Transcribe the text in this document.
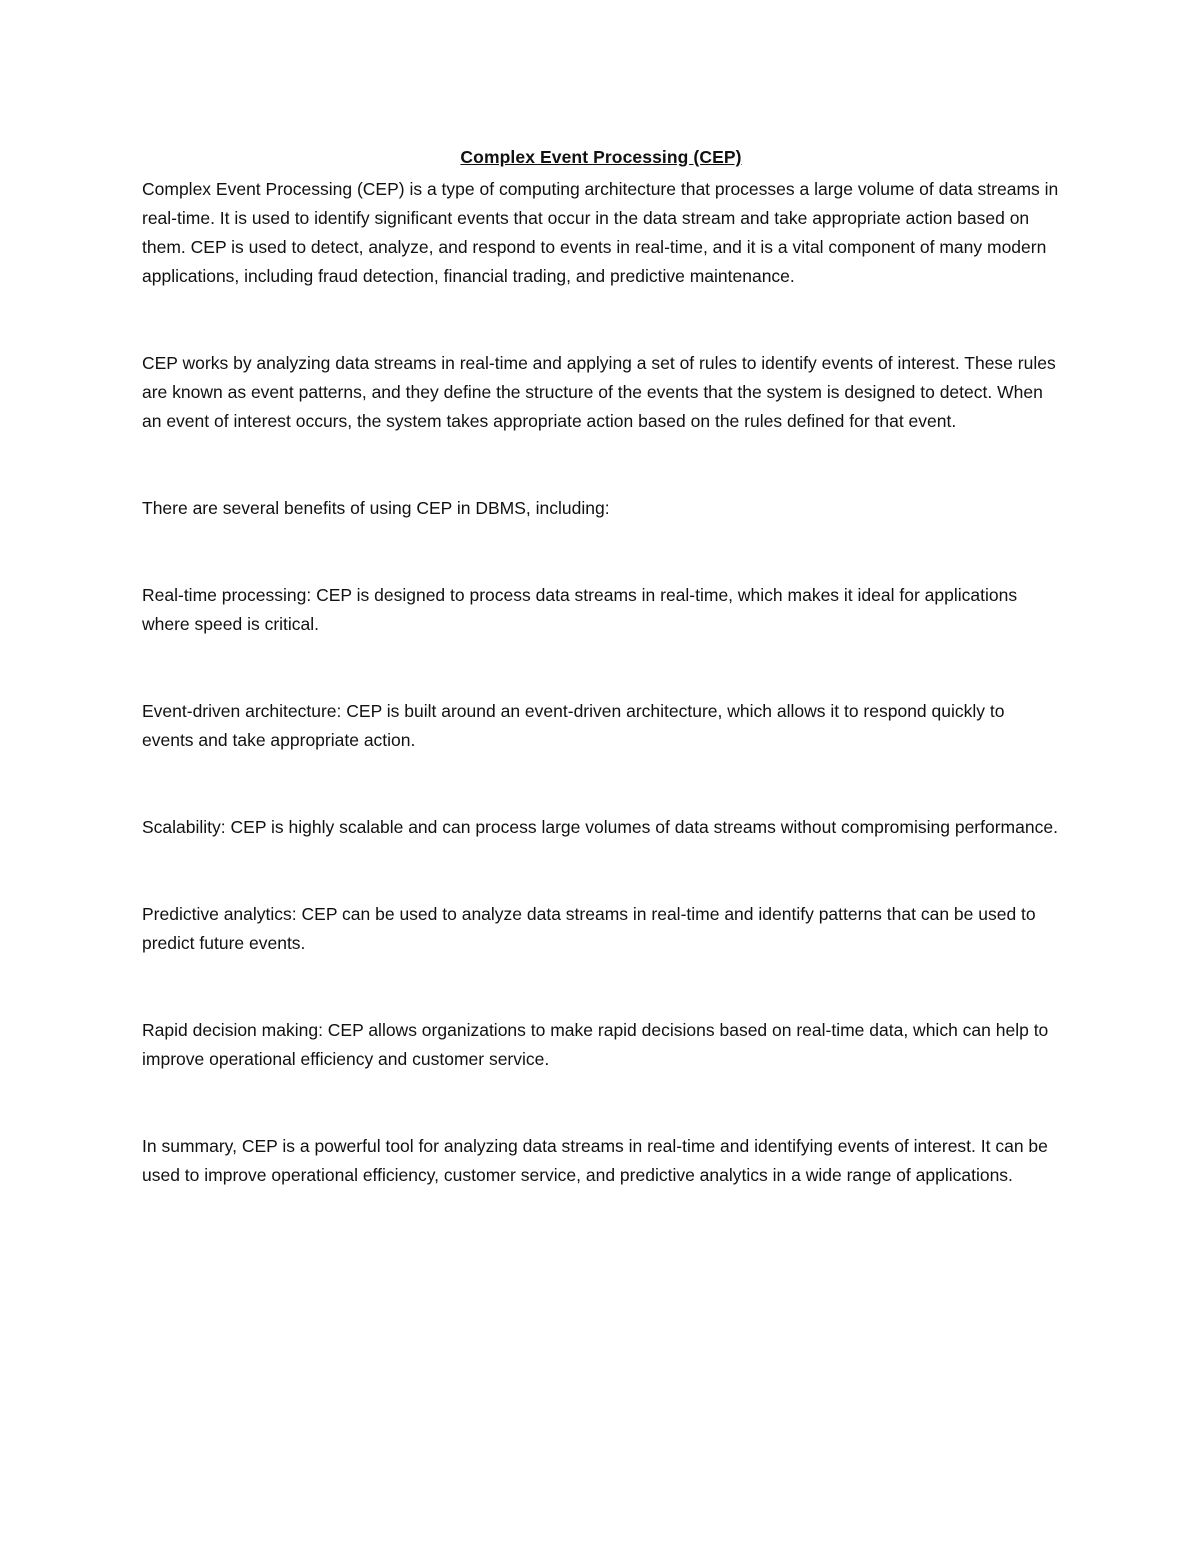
Complex Event Processing (CEP)

Complex Event Processing (CEP) is a type of computing architecture that processes a large volume of data streams in real-time. It is used to identify significant events that occur in the data stream and take appropriate action based on them. CEP is used to detect, analyze, and respond to events in real-time, and it is a vital component of many modern applications, including fraud detection, financial trading, and predictive maintenance.

CEP works by analyzing data streams in real-time and applying a set of rules to identify events of interest. These rules are known as event patterns, and they define the structure of the events that the system is designed to detect. When an event of interest occurs, the system takes appropriate action based on the rules defined for that event.

There are several benefits of using CEP in DBMS, including:

Real-time processing: CEP is designed to process data streams in real-time, which makes it ideal for applications where speed is critical.

Event-driven architecture: CEP is built around an event-driven architecture, which allows it to respond quickly to events and take appropriate action.

Scalability: CEP is highly scalable and can process large volumes of data streams without compromising performance.

Predictive analytics: CEP can be used to analyze data streams in real-time and identify patterns that can be used to predict future events.

Rapid decision making: CEP allows organizations to make rapid decisions based on real-time data, which can help to improve operational efficiency and customer service.

In summary, CEP is a powerful tool for analyzing data streams in real-time and identifying events of interest. It can be used to improve operational efficiency, customer service, and predictive analytics in a wide range of applications.
